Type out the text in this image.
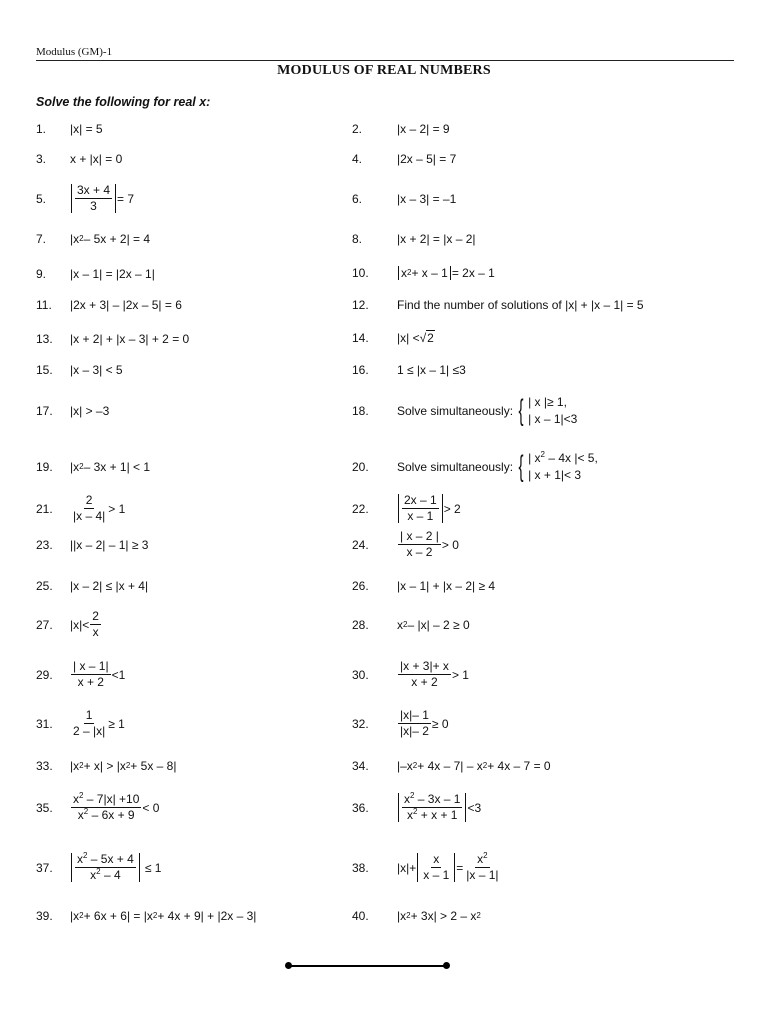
Modulus (GM)-1
MODULUS OF REAL NUMBERS
Solve the following for real x:
1.	|x| = 5	2.	|x – 2| = 9
3.	x + |x| = 0	4.	|2x – 5| = 7
5.	$\frac{3x + 4}{3} = 7$	6.	|x – 3| = –1
7.	|x 2 – 5x + 2| = 4	8.	|x + 2| = |x – 2|
9.	|x – 1| = |2x – 1|	10.	x 2 + x – 1 = 2x – 1
11.	|2x + 3| – |2x – 5| = 6	12.	Find the number of solutions of |x| + |x – 1| = 5
13.	|x + 2| + |x – 3| + 2 = 0	14.	|x| < √ 2
15.	|x – 3| < 5	16.	1 ≤ |x – 1| ≤3
17.	|x| > –3	18.	Solve simultaneously: { | x |≥ 1,
| x – 1|<3
19.	|x 2 – 3x + 1| < 1	20.	Solve simultaneously: { | $x^2 - 4x$ |< 5,
| x + 1|< 3
21.	$\frac{2}{|x - 4|} > 1$	22.	$\frac{2x - 1}{x - 1} > 2$
23.	||x – 2| – 1| ≥ 3	24.	$\frac{| x - 2 |}{x - 2} > 0$
25.	|x – 2| ≤ |x + 4|	26.	|x – 1| + |x – 2| ≥ 4
27.	$|x|< \frac{2}{x}$	28.	x 2 – |x| – 2 ≥ 0
29.	$\frac{| x - 1|}{x + 2} <1$	30.	$\frac{|x + 3|+ x}{x + 2} > 1$
31.	$\frac{1}{2 - |x|} \ge 1$	32.	$\frac{|x|- 1}{|x|- 2} \ge 0$
33.	|x 2 + x| > |x 2 + 5x – 8|	34.	|–x 2 + 4x – 7| – x 2 + 4x – 7 = 0
35.	$\frac{x^2 - 7|x| +10}{x^2 - 6x + 9} < 0$	36.	$\frac{x^2 - 3x - 1}{x^2 + x + 1} <3$
37.	$\frac{x^2 - 5x + 4}{x^2 - 4} \le 1$	38.	$|x|+ \frac{x}{x - 1} = \frac{x^2}{|x - 1|}$
39.	|x 2 + 6x + 6| = |x 2 + 4x + 9| + |2x – 3|	40.	|x 2 + 3x| > 2 – x 2
